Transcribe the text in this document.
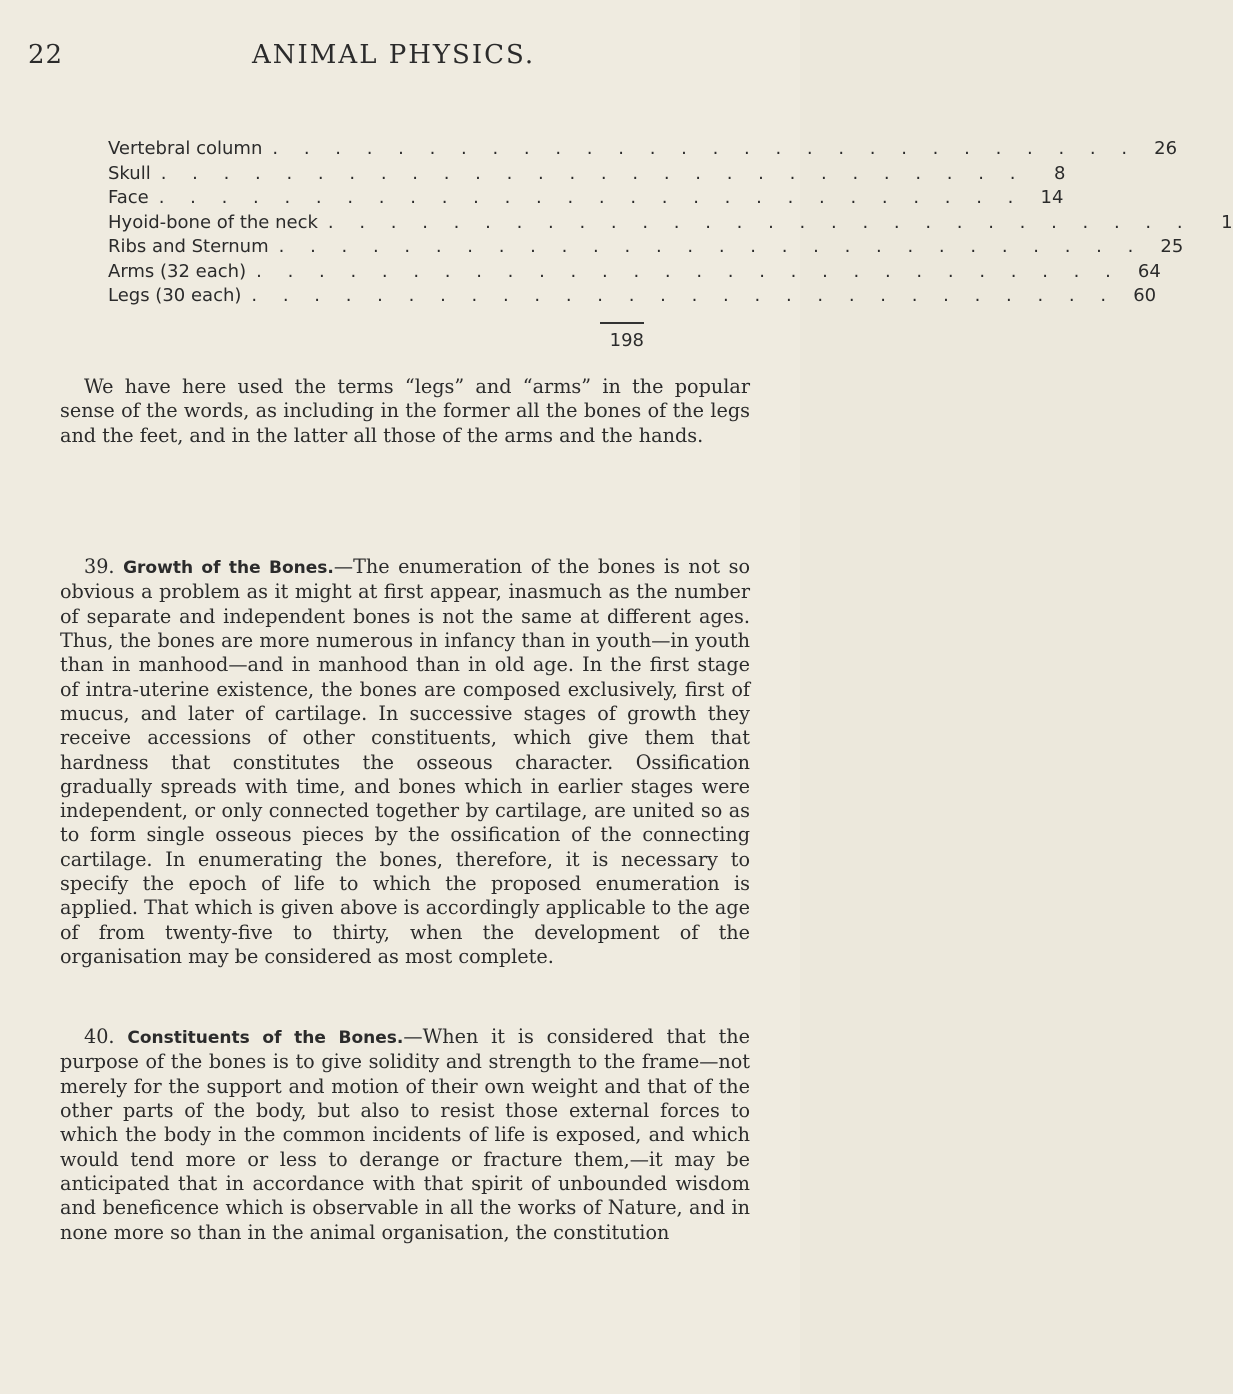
22	ANIMAL PHYSICS.
Vertebral column . . . . . . . . . . . . . . . . . . . . . . . . . . . . 26
Skull . . . . . . . . . . . . . . . . . . . . . . . . . . . .	8
Face . . . . . . . . . . . . . . . . . . . . . . . . . . . . 14
Hyoid-bone of the neck . . . . . . . . . . . . . . . . . . . . . . . . . . . .	1
Ribs and Sternum . . . . . . . . . . . . . . . . . . . . . . . . . . . . 25
Arms (32 each) . . . . . . . . . . . . . . . . . . . . . . . . . . . . 64
Legs (30 each) . . . . . . . . . . . . . . . . . . . . . . . . . . . . 60
198

We have here used the terms “legs” and “arms” in the popular sense of the words, as including in the former all the bones of the legs and the feet, and in the latter all those of the arms and the hands.

39. Growth of the Bones.—The enumeration of the bones is not so obvious a problem as it might at first appear, inasmuch as the number of separate and independent bones is not the same at different ages. Thus, the bones are more numerous in infancy than in youth—in youth than in manhood—and in manhood than in old age. In the first stage of intra-uterine existence, the bones are composed exclusively, first of mucus, and later of cartilage. In successive stages of growth they receive accessions of other constituents, which give them that hardness that constitutes the osseous character. Ossification gradually spreads with time, and bones which in earlier stages were independent, or only connected together by cartilage, are united so as to form single osseous pieces by the ossification of the connecting cartilage. In enumerating the bones, therefore, it is necessary to specify the epoch of life to which the proposed enumeration is applied. That which is given above is accordingly applicable to the age of from twenty-five to thirty, when the development of the organisation may be considered as most complete.

40. Constituents of the Bones.—When it is considered that the purpose of the bones is to give solidity and strength to the frame—not merely for the support and motion of their own weight and that of the other parts of the body, but also to resist those external forces to which the body in the common incidents of life is exposed, and which would tend more or less to derange or fracture them,—it may be anticipated that in accordance with that spirit of unbounded wisdom and beneficence which is observable in all the works of Nature, and in none more so than in the animal organisation, the constitution
